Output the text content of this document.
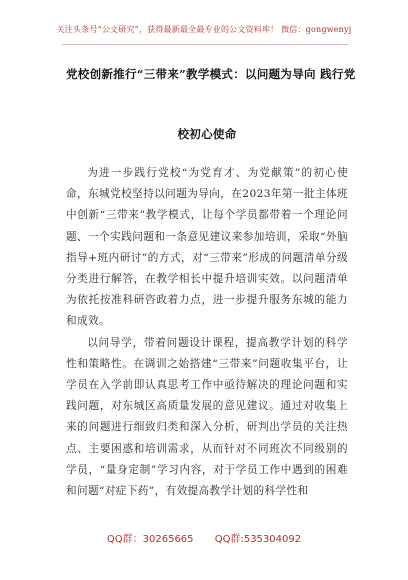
关注头条号“公文研究”，获得最新最全最专业的公文资料库！ 微信：gongwenyj
党校创新推行“三带来”教学模式：以问题为导向 践行党
校初心使命

为进一步践行党校“为党育才、为党献策”的初心使命，东城党校坚持以问题为导向，在2023年第一批主体班中创新“三带来”教学模式，让每个学员都带着一个理论问题、一个实践问题和一条意见建议来参加培训，采取“外脑指导+班内研讨”的方式，对“三带来”形成的问题清单分级分类进行解答，在教学相长中提升培训实效。以问题清单为依托按准科研咨政着力点，进一步提升服务东城的能力和成效。

以问导学，带着问题设计课程，提高教学计划的科学性和策略性。在调训之始搭建“三带来”问题收集平台，让学员在入学前即认真思考工作中亟待解决的理论问题和实践问题，对东城区高质量发展的意见建议。通过对收集上来的问题进行细致归类和深入分析，研判出学员的关注热点、主要困惑和培训需求，从而针对不同班次不同级别的学员，“量身定制”学习内容，对于学员工作中遇到的困难和问题“对症下药”，有效提高教学计划的科学性和

QQ群：30265665 QQ群:535304092
